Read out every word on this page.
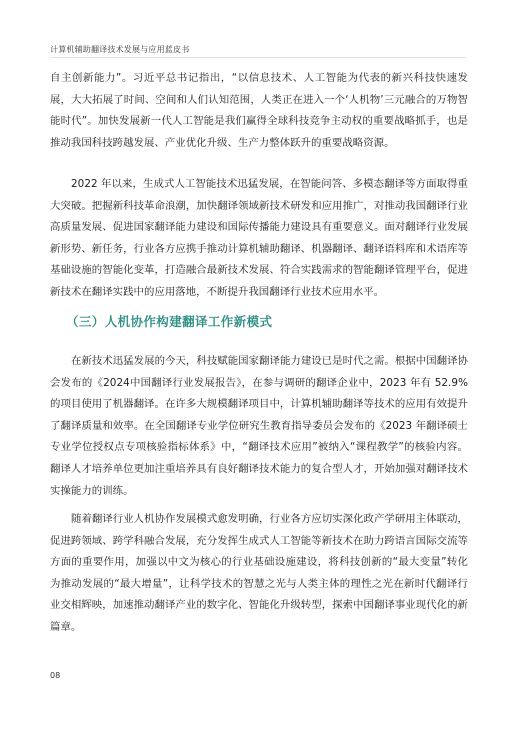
计算机辅助翻译技术发展与应用蓝皮书

自主创新能力”。习近平总书记指出，“以信息技术、人工智能为代表的新兴科技快速发展，大大拓展了时间、空间和人们认知范围，人类正在进入一个‘人机物’三元融合的万物智能时代”。加快发展新一代人工智能是我们赢得全球科技竞争主动权的重要战略抓手，也是推动我国科技跨越发展、产业优化升级、生产力整体跃升的重要战略资源。

2022 年以来，生成式人工智能技术迅猛发展，在智能问答、多模态翻译等方面取得重大突破。把握新科技革命浪潮，加快翻译领域新技术研发和应用推广，对推动我国翻译行业高质量发展、促进国家翻译能力建设和国际传播能力建设具有重要意义。面对翻译行业发展新形势、新任务，行业各方应携手推动计算机辅助翻译、机器翻译、翻译语料库和术语库等基础设施的智能化变革，打造融合最新技术发展、符合实践需求的智能翻译管理平台，促进新技术在翻译实践中的应用落地，不断提升我国翻译行业技术应用水平。

（三）人机协作构建翻译工作新模式

在新技术迅猛发展的今天，科技赋能国家翻译能力建设已是时代之需。根据中国翻译协会发布的《2024中国翻译行业发展报告》，在参与调研的翻译企业中，2023 年有 52.9% 的项目使用了机器翻译。在许多大规模翻译项目中，计算机辅助翻译等技术的应用有效提升了翻译质量和效率。在全国翻译专业学位研究生教育指导委员会发布的《2023 年翻译硕士专业学位授权点专项核验指标体系》中，“翻译技术应用”被纳入“课程教学”的核验内容。翻译人才培养单位更加注重培养具有良好翻译技术能力的复合型人才，开始加强对翻译技术实操能力的训练。

随着翻译行业人机协作发展模式愈发明确，行业各方应切实深化政产学研用主体联动，促进跨领域、跨学科融合发展，充分发挥生成式人工智能等新技术在助力跨语言国际交流等方面的重要作用，加强以中文为核心的行业基础设施建设，将科技创新的“最大变量”转化为推动发展的“最大增量”，让科学技术的智慧之光与人类主体的理性之光在新时代翻译行业交相辉映，加速推动翻译产业的数字化、智能化升级转型，探索中国翻译事业现代化的新篇章。

08
